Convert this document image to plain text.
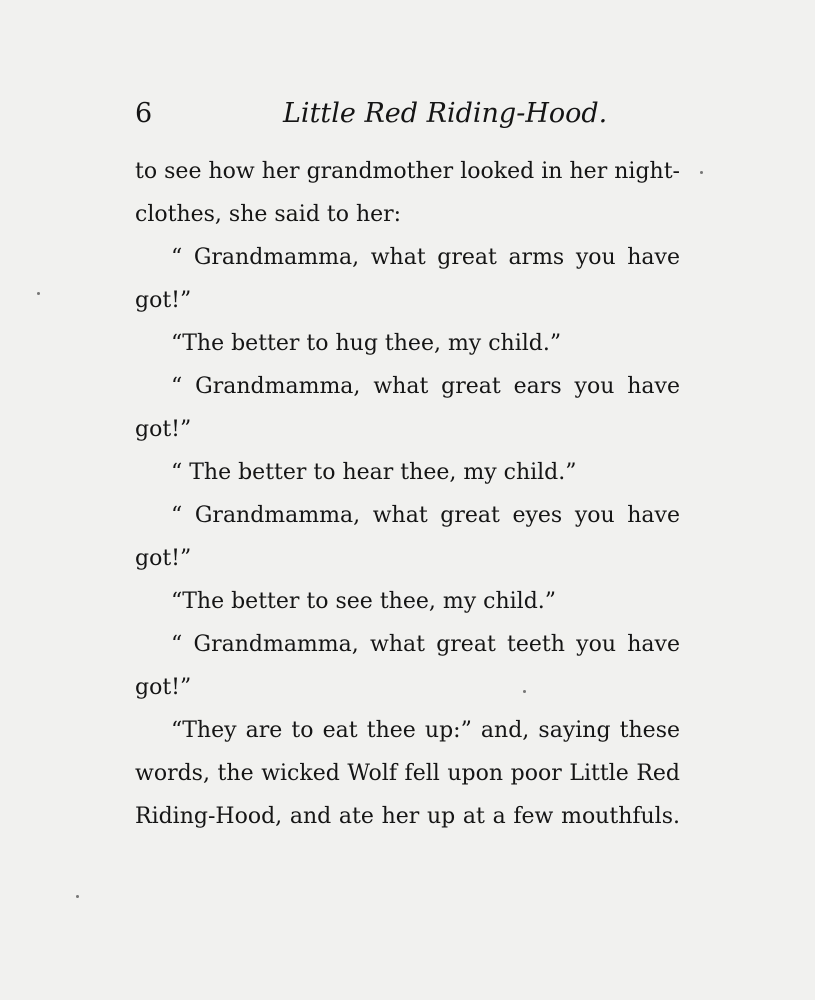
6	Little Red Riding-Hood.
to see how her grandmother looked in her night-
clothes, she said to her:
“ Grandmamma, what great arms you have
got!”
“The better to hug thee, my child.”
“ Grandmamma, what great ears you have
got!”
“ The better to hear thee, my child.”
“ Grandmamma, what great eyes you have
got!”
“The better to see thee, my child.”
“ Grandmamma, what great teeth you have
got!”
“They are to eat thee up:” and, saying these
words, the wicked Wolf fell upon poor Little Red
Riding-Hood, and ate her up at a few mouthfuls.
